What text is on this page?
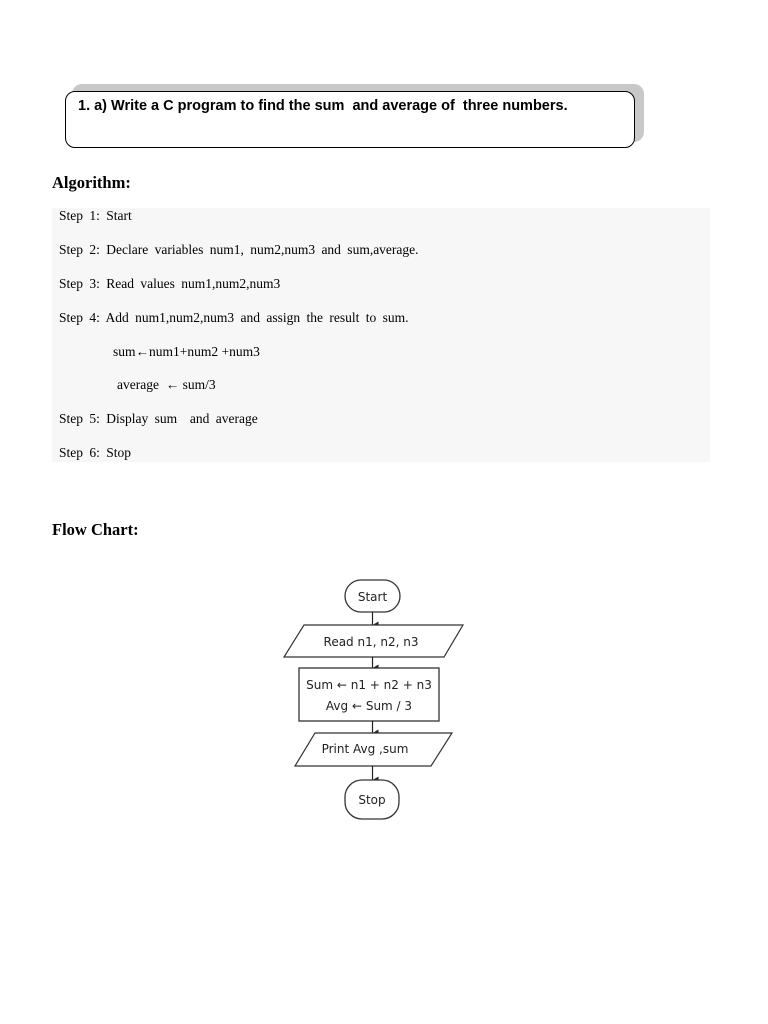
1. a) Write a C program to find the sum  and average of  three numbers.
Algorithm:
Step 1: Start
Step 2: Declare variables num1, num2,num3 and sum,average.
Step 3: Read values num1,num2,num3
Step 4: Add num1,num2,num3 and assign the result to sum.
sum←num1+num2 +num3
average  ← sum/3
Step 5: Display sum  and average
Step 6: Stop
Flow Chart:
Start
Read n1, n2, n3
Sum ← n1 + n2 + n3
Avg ← Sum / 3
Print Avg ,sum
Stop
